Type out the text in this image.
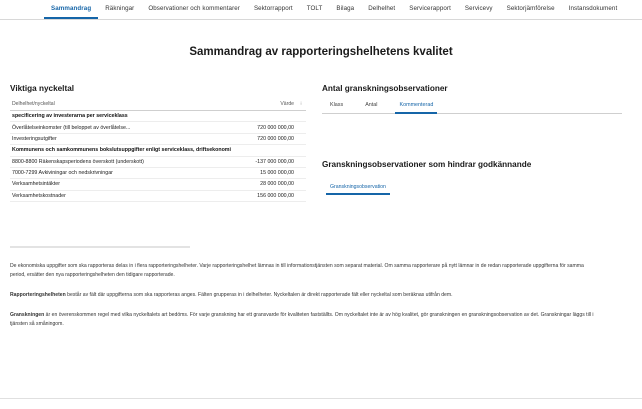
Sammandrag Räkningar Observationer och kommentarer Sektorrapport TOLT Bilaga Delhelhet Servicerapport Servicevy Sektorjämförelse Instansdokument
Sammandrag av rapporteringshelhetens kvalitet
Viktiga nyckeltal
Delhelhet/nyckeltal	Värde	⁝
specificering av investerarna per serviceklass		
Överlåtelseinkomster (till beloppet av överlåtelse...	720 000 000,00	
Investeringsutgifter	720 000 000,00	
Kommunens och samkommunens bokslutsuppgifter enligt serviceklass, driftsekonomi		
8800-8800 Räkenskapsperiodens överskott (underskott)	-137 000 000,00	
7000-7299 Avkiviningar och nedskrivningar	15 000 000,00	
Verksamhetsintäkter	28 000 000,00	
Verksamhetskostnader	156 000 000,00	
Antal granskningsobservationer
Klass	Antal	Kommenterad
Granskningsobservationer som hindrar godkännande
Granskningsobservation

De ekonomiska uppgifter som ska rapporteras delas in i flera rapporteringshelheter. Varje rapporteringshelhet lämnas in till informationstjänsten som separat material. Om samma rapporterare på nytt lämnar in de redan rapporterade uppgifterna för samma period, ersätter den nya rapporteringshelheten den tidigare rapporterade.

Rapporteringshelheten består av fält där uppgifterna som ska rapporteras anges. Fälten grupperas in i delhelheter. Nyckeltalen är direkt rapporterade fält eller nyckeltal som beräknas utifrån dem.

Granskningen är en överenskommen regel med vilka nyckeltalets art bedöms. För varje granskning har ett gransvarde för kvaliteten fastställts. Om nyckeltalet inte är av hög kvalitet, gör granskningen en granskningsobservation av det. Granskningar läggs till i tjänsten så småningom.
